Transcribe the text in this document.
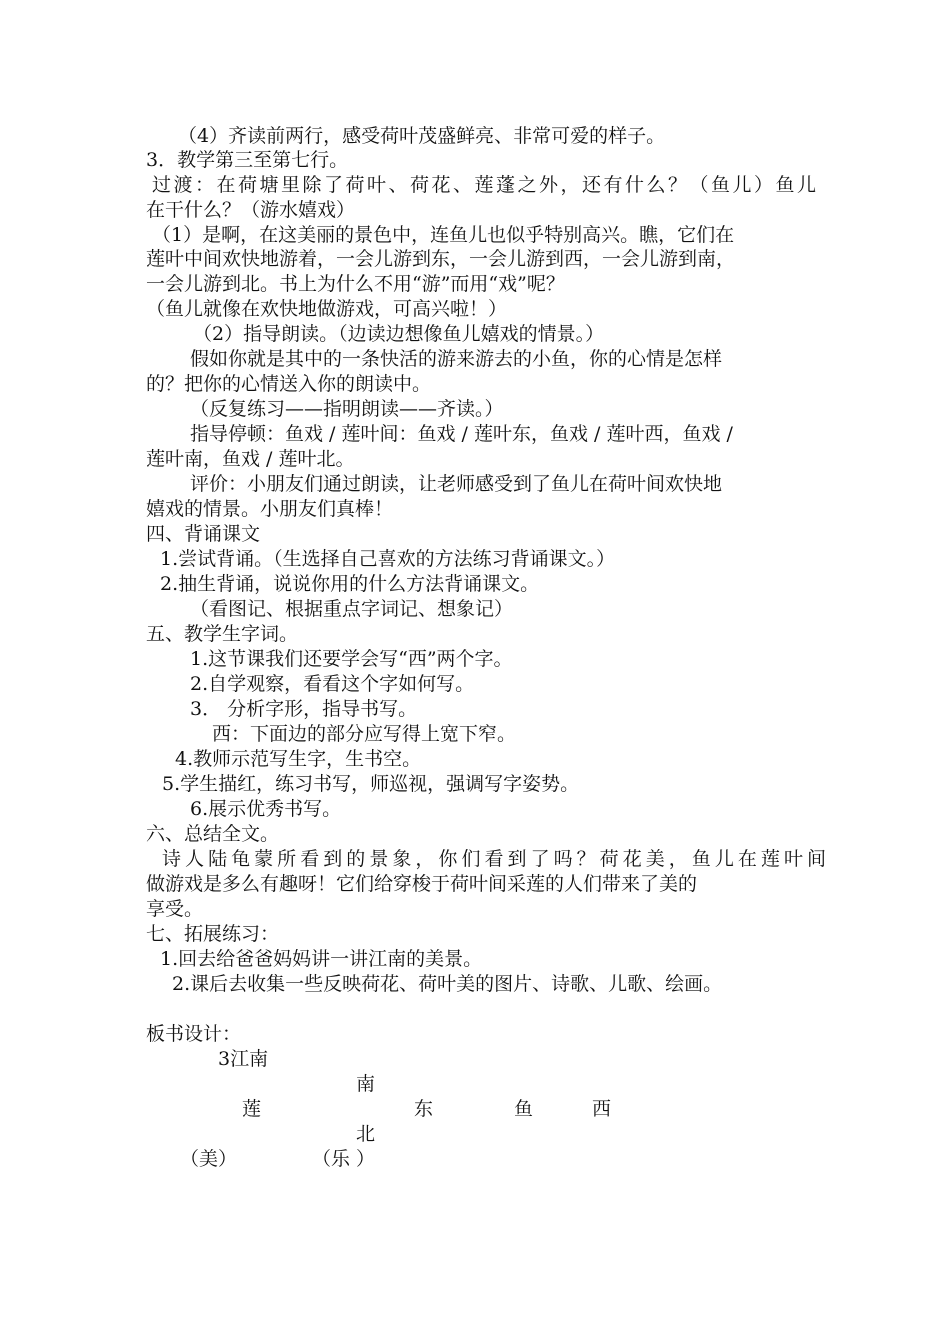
（4）齐读前两行，感受荷叶茂盛鲜亮、非常可爱的样子。
3．教学第三至第七行。
过渡：在荷塘里除了荷叶、荷花、莲蓬之外，还有什么？（鱼儿）鱼儿
在干什么？（游水嬉戏）
（1）是啊，在这美丽的景色中，连鱼儿也似乎特别高兴。瞧，它们在
莲叶中间欢快地游着，一会儿游到东，一会儿游到西，一会儿游到南，
一会儿游到北。书上为什么不用“游”而用“戏”呢？
（鱼儿就像在欢快地做游戏，可高兴啦！）
（2）指导朗读。（边读边想像鱼儿嬉戏的情景。）
假如你就是其中的一条快活的游来游去的小鱼，你的心情是怎样
的？把你的心情送入你的朗读中。
（反复练习——指明朗读——齐读。）
指导停顿：鱼戏 / 莲叶间：鱼戏 / 莲叶东，鱼戏 / 莲叶西，鱼戏 /
莲叶南，鱼戏 / 莲叶北。
评价：小朋友们通过朗读，让老师感受到了鱼儿在荷叶间欢快地
嬉戏的情景。小朋友们真棒！
四、背诵课文
1.尝试背诵。（生选择自己喜欢的方法练习背诵课文。）
2.抽生背诵，说说你用的什么方法背诵课文。
（看图记、根据重点字词记、想象记）
五、教学生字词。
1.这节课我们还要学会写“西”两个字。
2.自学观察，看看这个字如何写。
3． 分析字形，指导书写。
西：下面边的部分应写得上宽下窄。
4.教师示范写生字，生书空。
5.学生描红，练习书写，师巡视，强调写字姿势。
6.展示优秀书写。
六、总结全文。
诗人陆龟蒙所看到的景象，你们看到了吗？荷花美，鱼儿在莲叶间
做游戏是多么有趣呀！它们给穿梭于荷叶间采莲的人们带来了美的
享受。
七、拓展练习：
1.回去给爸爸妈妈讲一讲江南的美景。
2.课后去收集一些反映荷花、荷叶美的图片、诗歌、儿歌、绘画。
板书设计：
3江南
南
莲	东	鱼	西
北
（美）	（乐 ）
